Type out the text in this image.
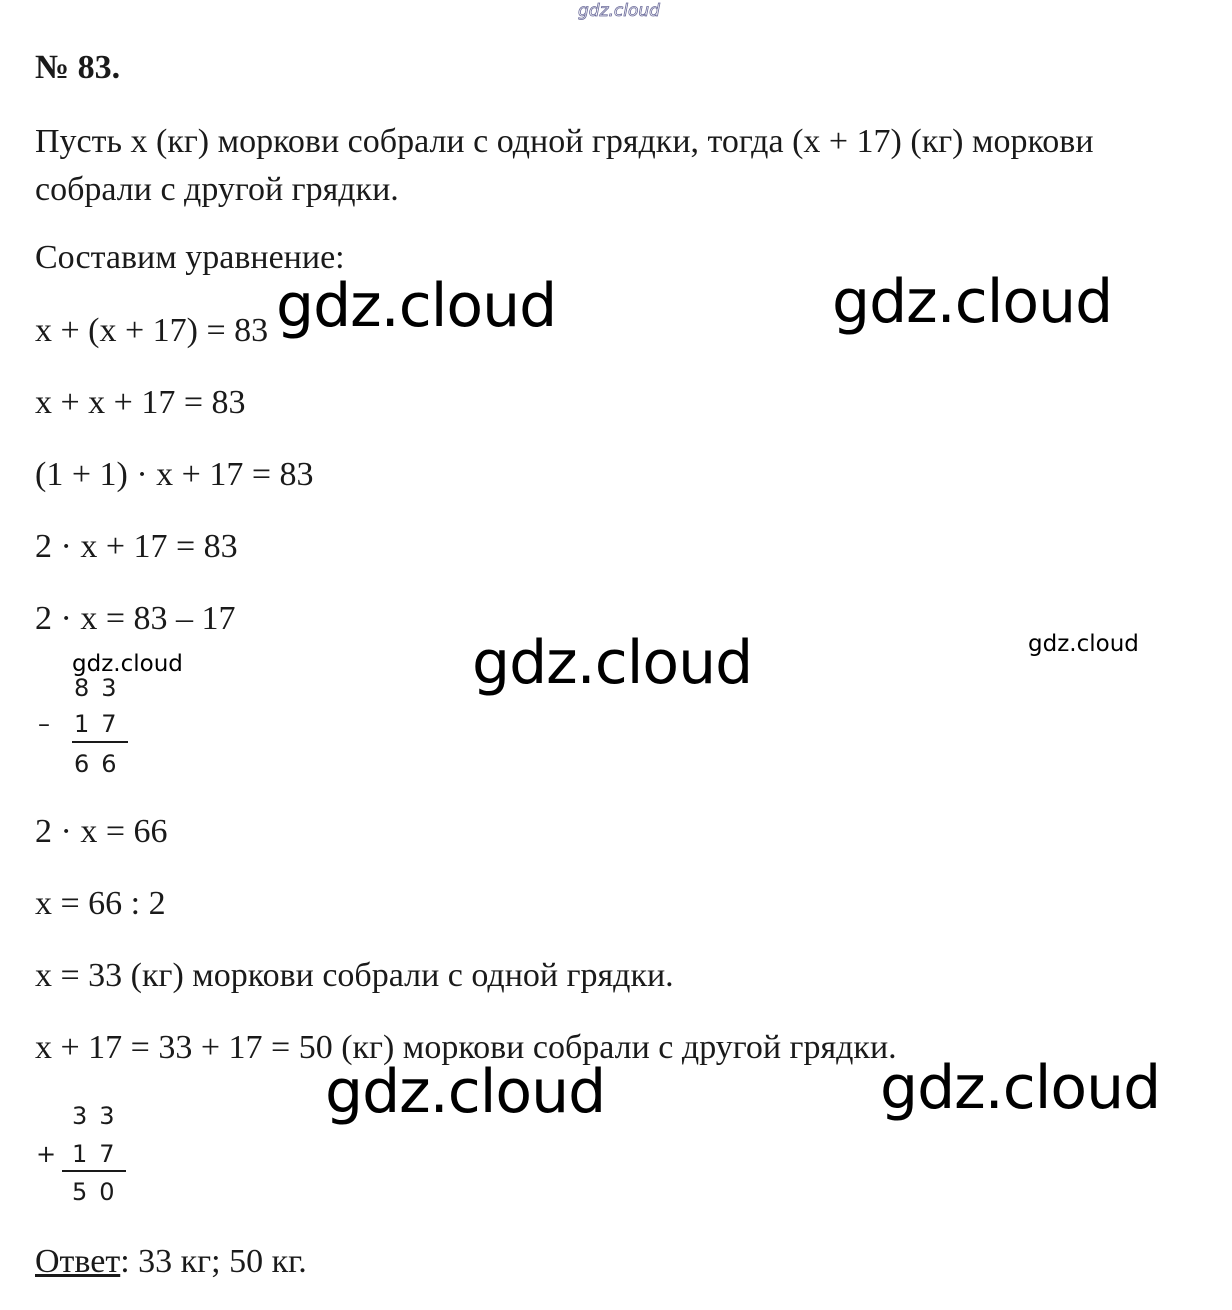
gdz.cloud
gdz.cloud	gdz.cloud
gdz.cloud	gdz.cloud
gdz.cloud
gdz.cloud	gdz.cloud
№ 83.
Пусть х (кг) моркови собрали с одной грядки, тогда (х + 17) (кг) моркови собрали с другой грядки.
Составим уравнение:
х + (х + 17) = 83
х + х + 17 = 83
(1 + 1) · х + 17 = 83
2 · х + 17 = 83
2 · х = 83 – 17
83
– 17
66
2 · х = 66
х = 66 : 2
х = 33 (кг) моркови собрали с одной грядки.
х + 17 = 33 + 17 = 50 (кг) моркови собрали с другой грядки.
33
+ 17
50
Ответ: 33 кг; 50 кг.
